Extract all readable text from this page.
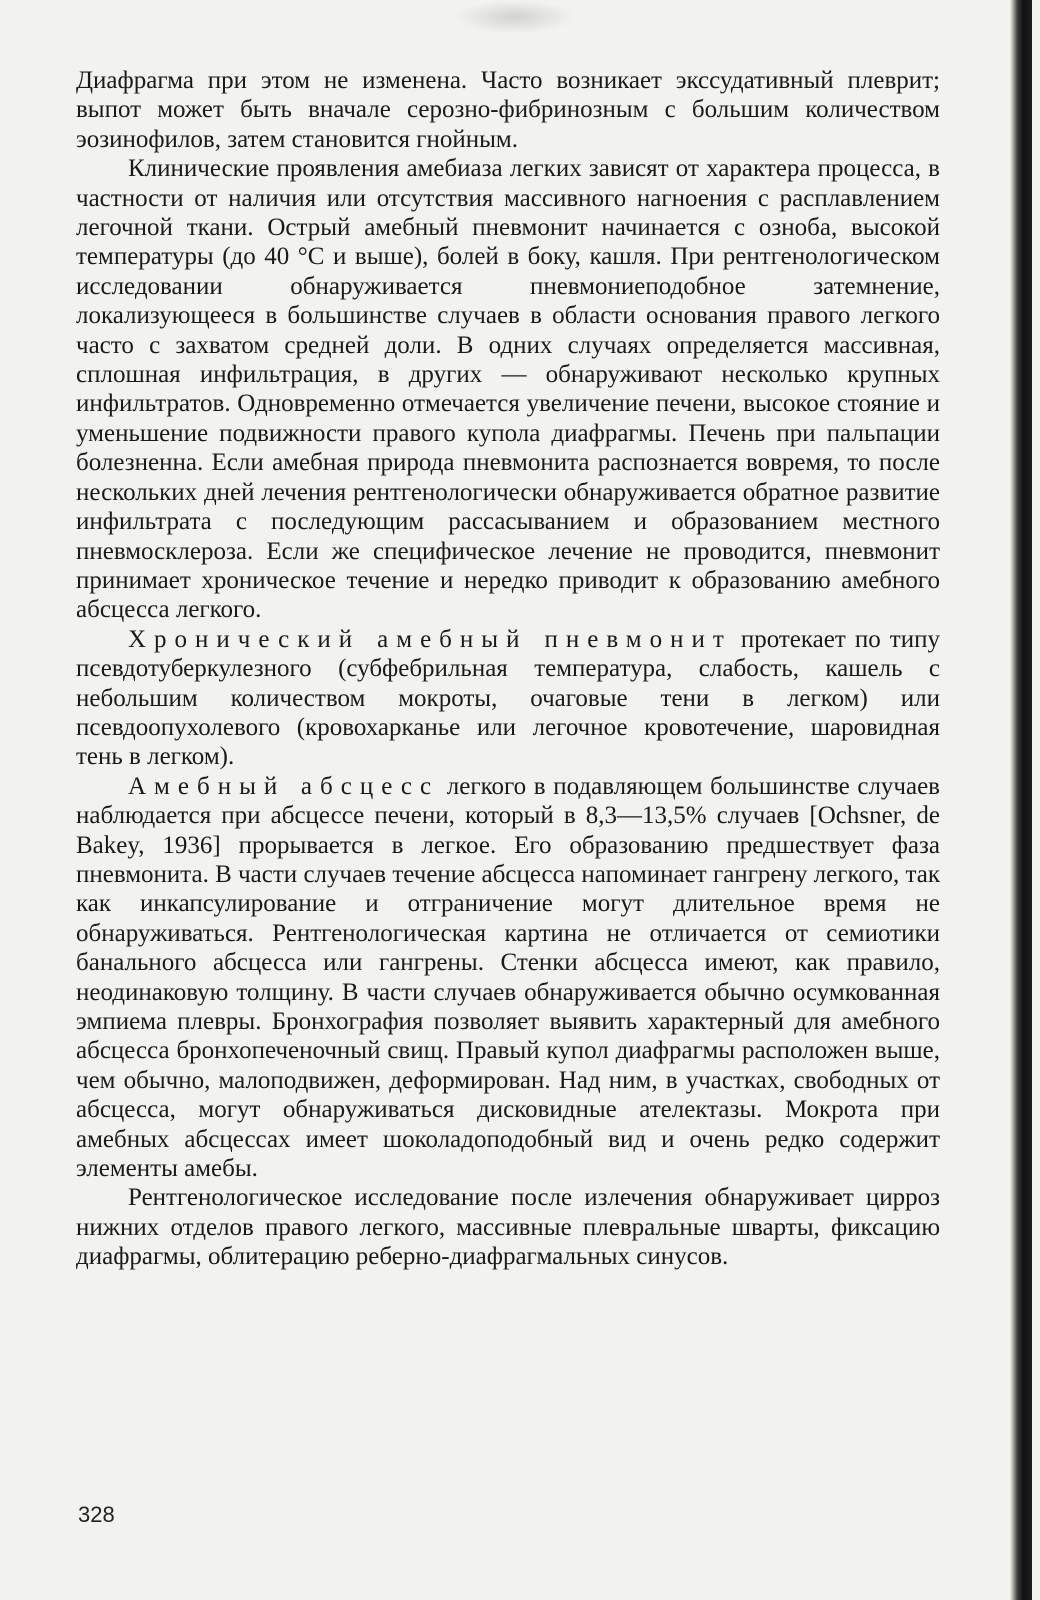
Диафрагма при этом не изменена. Часто возникает экссудативный плеврит; выпот может быть вначале серозно-фибринозным с большим количеством эозинофилов, затем становится гнойным.

Клинические проявления амебиаза легких зависят от характера процесса, в частности от наличия или отсутствия массивного нагноения с расплавлением легочной ткани. Острый амебный пневмонит начинается с озноба, высокой температуры (до 40 °С и выше), болей в боку, кашля. При рентгенологическом исследовании обнаруживается пневмониеподобное затемнение, локализующееся в большинстве случаев в области основания правого легкого часто с захватом средней доли. В одних случаях определяется массивная, сплошная инфильтрация, в других — обнаруживают несколько крупных инфильтратов. Одновременно отмечается увеличение печени, высокое стояние и уменьшение подвижности правого купола диафрагмы. Печень при пальпации болезненна. Если амебная природа пневмонита распознается вовремя, то после нескольких дней лечения рентгенологически обнаруживается обратное развитие инфильтрата с последующим рассасыванием и образованием местного пневмосклероза. Если же специфическое лечение не проводится, пневмонит принимает хроническое течение и нередко приводит к образованию амебного абсцесса легкого.

Хронический амебный пневмонит протекает по типу псевдотуберкулезного (субфебрильная температура, слабость, кашель с небольшим количеством мокроты, очаговые тени в легком) или псевдоопухолевого (кровохарканье или легочное кровотечение, шаровидная тень в легком).

Амебный абсцесс легкого в подавляющем большинстве случаев наблюдается при абсцессе печени, который в 8,3—13,5% случаев [Ochsner, de Bakey, 1936] прорывается в легкое. Его образованию предшествует фаза пневмонита. В части случаев течение абсцесса напоминает гангрену легкого, так как инкапсулирование и отграничение могут длительное время не обнаруживаться. Рентгенологическая картина не отличается от семиотики банального абсцесса или гангрены. Стенки абсцесса имеют, как правило, неодинаковую толщину. В части случаев обнаруживается обычно осумкованная эмпиема плевры. Бронхография позволяет выявить характерный для амебного абсцесса бронхопеченочный свищ. Правый купол диафрагмы расположен выше, чем обычно, малоподвижен, деформирован. Над ним, в участках, свободных от абсцесса, могут обнаруживаться дисковидные ателектазы. Мокрота при амебных абсцессах имеет шоколадоподобный вид и очень редко содержит элементы амебы.

Рентгенологическое исследование после излечения обнаруживает цирроз нижних отделов правого легкого, массивные плевральные шварты, фиксацию диафрагмы, облитерацию реберно-диафрагмальных синусов.

328
